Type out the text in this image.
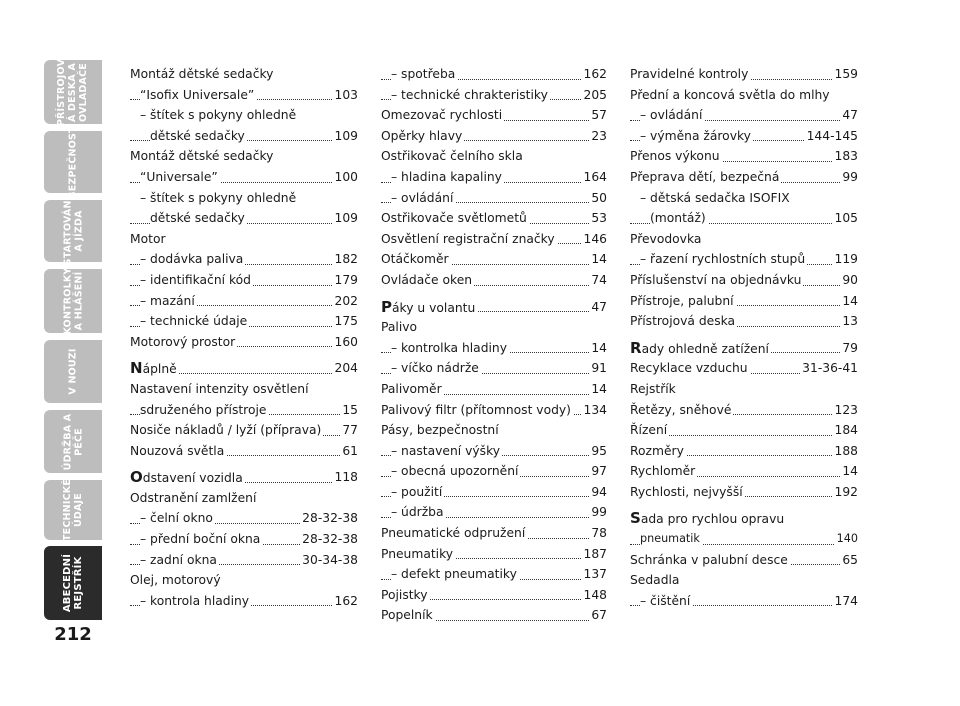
PŘÍSTROJOV
Á DESKA A
OVLADAČE
BEZPEČNOST
STARTOVÁNÍ
A JÍZDA
KONTROLKY
A HLÁŠENÍ
V NOUZI
ÚDRŽBA A
PÉČE
TECHNICKÉ
ÚDAJE
ABECEDNÍ
REJSTŘÍK
212
Montáž dětské sedačky
“Isofix Universale”	103
– štítek s pokyny ohledně
dětské sedačky	109
Montáž dětské sedačky
“Universale”	100
– štítek s pokyny ohledně
dětské sedačky	109
Motor
– dodávka paliva	182
– identifikační kód	179
– mazání	202
– technické údaje	175
Motorový prostor	160
Náplně	204
Nastavení intenzity osvětlení
sdruženého přístroje	15
Nosiče nákladů / lyží (příprava) 77
Nouzová světla	61
Odstavení vozidla	118
Odstranění zamlžení
– čelní okno	28-32-38
– přední boční okna	28-32-38
– zadní okna	30-34-38
Olej, motorový
– kontrola hladiny	162
– spotřeba	162
– technické chrakteristiky	205
Omezovač rychlosti	57
Opěrky hlavy	23
Ostřikovač čelního skla
– hladina kapaliny	164
– ovládání	50
Ostřikovače světlometů	53
Osvětlení registrační značky 146
Otáčkoměr	14
Ovládače oken	74
Páky u volantu	47
Palivo
– kontrolka hladiny	14
– víčko nádrže	91
Palivoměr	14
Palivový filtr (přítomnost vody) 134
Pásy, bezpečnostní
– nastavení výšky	95
– obecná upozornění	97
– použití	94
– údržba	99
Pneumatické odpružení	78
Pneumatiky	187
– defekt pneumatiky	137
Pojistky	148
Popelník	67
Pravidelné kontroly	159
Přední a koncová světla do mlhy
– ovládání	47
– výměna žárovky	144-145
Přenos výkonu	183
Přeprava dětí, bezpečná	99
– dětská sedačka ISOFIX
(montáž)	105
Převodovka
– řazení rychlostních stupů 119
Příslušenství na objednávku	90
Přístroje, palubní	14
Přístrojová deska	13
Rady ohledně zatížení	79
Recyklace vzduchu	31-36-41
Rejstřík
Řetězy, sněhové	123
Řízení	184
Rozměry	188
Rychloměr	14
Rychlosti, nejvyšší	192
Sada pro rychlou opravu
pneumatik	140
Schránka v palubní desce	65
Sedadla
– čištění	174
